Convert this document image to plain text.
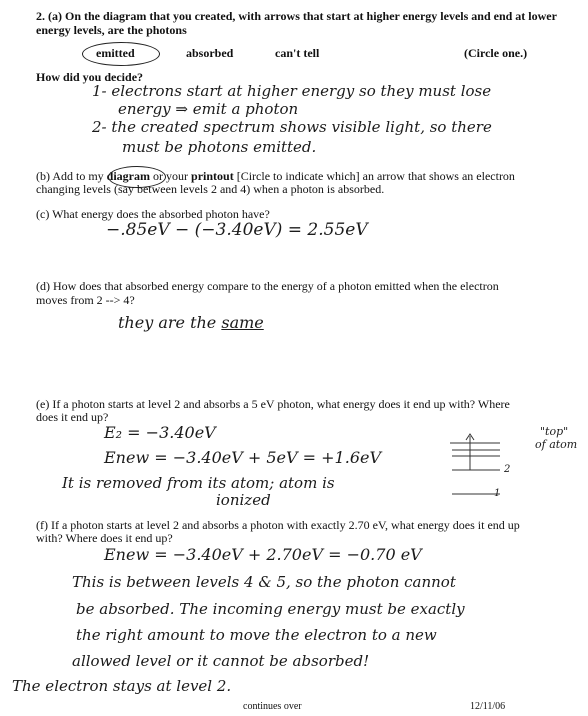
2. (a) On the diagram that you created, with arrows that start at higher energy levels and end at lower
energy levels, are the photons
emitted	absorbed	can't tell	(Circle one.)
How did you decide?
1- electrons start at higher energy so they must lose
energy ⇒ emit a photon
2- the created spectrum shows visible light, so there
must be photons emitted.
(b) Add to my diagram or your printout [Circle to indicate which] an arrow that shows an electron
changing levels (say between levels 2 and 4) when a photon is absorbed.
(c) What energy does the absorbed photon have?
−.85eV − (−3.40eV) = 2.55eV
(d) How does that absorbed energy compare to the energy of a photon emitted when the electron
moves from 2 --> 4?
they are the same
(e) If a photon starts at level 2 and absorbs a 5 eV photon, what energy does it end up with? Where
does it end up?
E₂ = −3.40eV
Enew = −3.40eV + 5eV = +1.6eV
It is removed from its atom; atom is
ionized
2
1
"top"
of atom
(f) If a photon starts at level 2 and absorbs a photon with exactly 2.70 eV, what energy does it end up
with? Where does it end up?
Enew = −3.40eV + 2.70eV = −0.70 eV
This is between levels 4 & 5, so the photon cannot
be absorbed. The incoming energy must be exactly
the right amount to move the electron to a new
allowed level or it cannot be absorbed!
The electron stays at level 2.
continues over	12/11/06
